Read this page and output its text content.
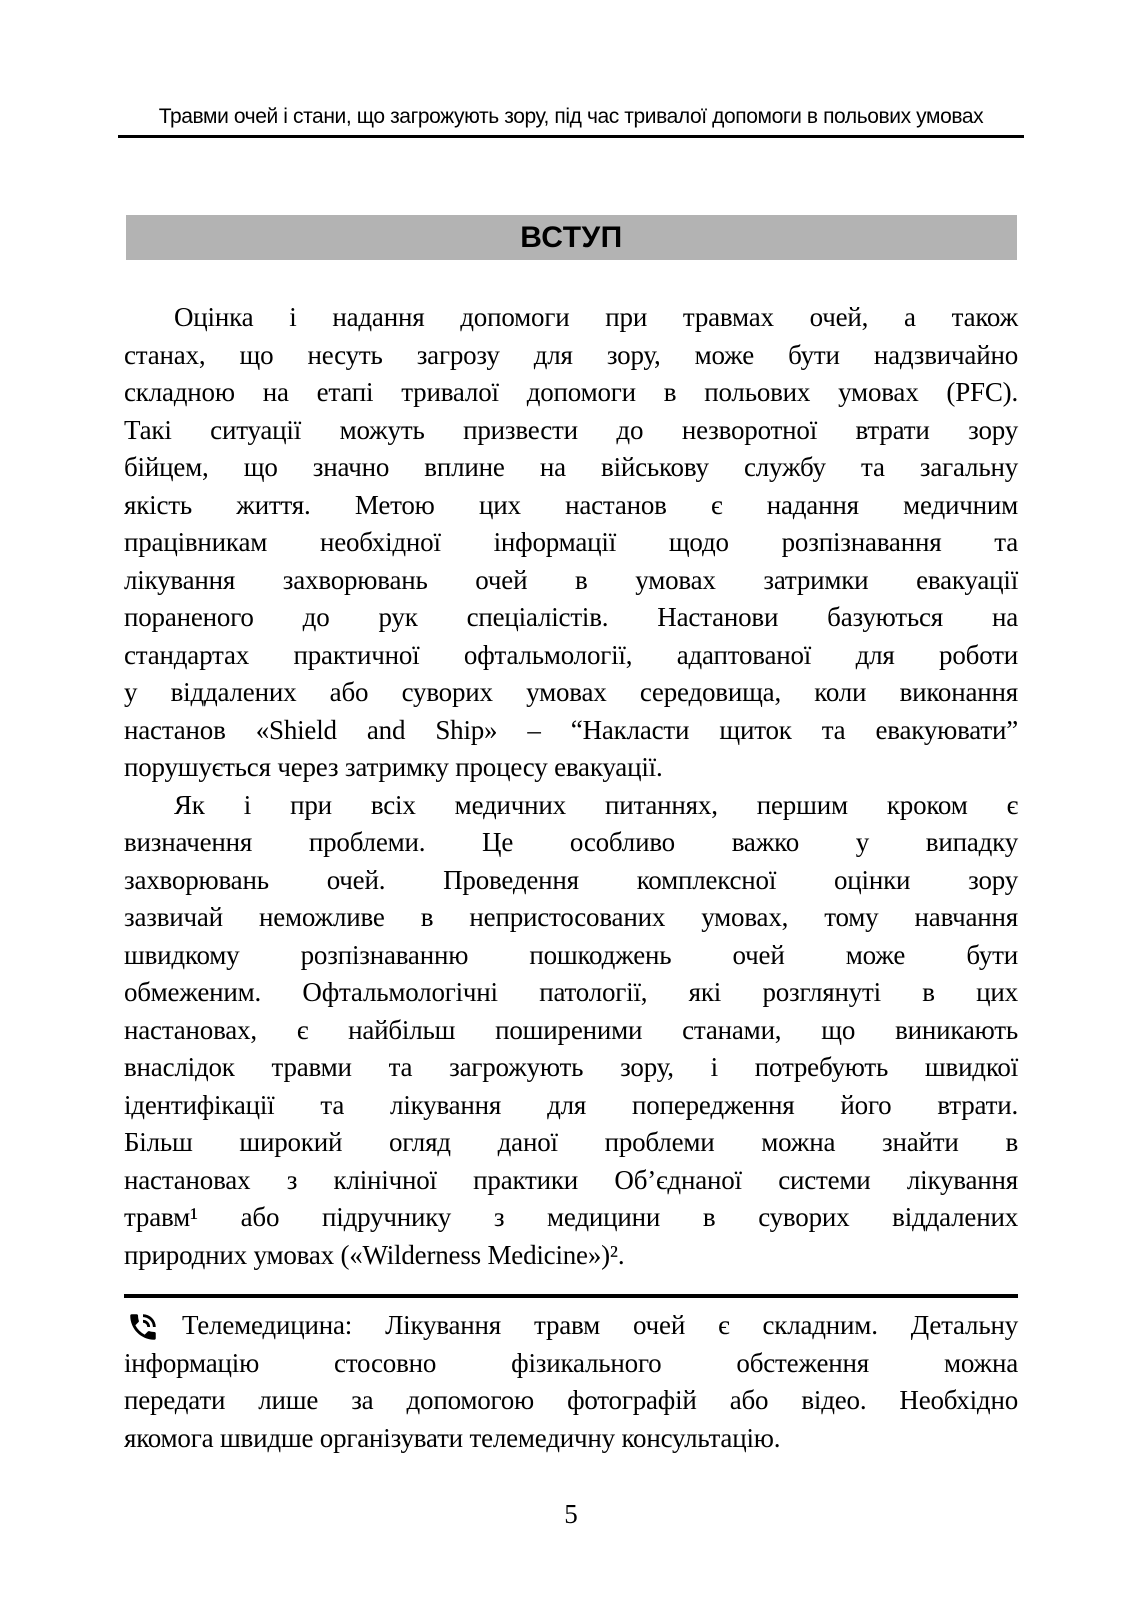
Травми очей і стани, що загрожують зору, під час тривалої допомоги в польових умовах
ВСТУП
Оцінка і надання допомоги при травмах очей, а також
станах, що несуть загрозу для зору, може бути надзвичайно
складною на етапі тривалої допомоги в польових умовах (PFC).
Такі ситуації можуть призвести до незворотної втрати зору
бійцем, що значно вплине на військову службу та загальну
якість життя. Метою цих настанов є надання медичним
працівникам необхідної інформації щодо розпізнавання та
лікування захворювань очей в умовах затримки евакуації
пораненого до рук спеціалістів. Настанови базуються на
стандартах практичної офтальмології, адаптованої для роботи
у віддалених або суворих умовах середовища, коли виконання
настанов «Shield and Ship» – “Накласти щиток та евакуювати”
порушується через затримку процесу евакуації.
Як і при всіх медичних питаннях, першим кроком є
визначення проблеми. Це особливо важко у випадку
захворювань очей. Проведення комплексної оцінки зору
зазвичай неможливе в непристосованих умовах, тому навчання
швидкому розпізнаванню пошкоджень очей може бути
обмеженим. Офтальмологічні патології, які розглянуті в цих
настановах, є найбільш поширеними станами, що виникають
внаслідок травми та загрожують зору, і потребують швидкої
ідентифікації та лікування для попередження його втрати.
Більш широкий огляд даної проблеми можна знайти в
настановах з клінічної практики Об’єднаної системи лікування
травм¹ або підручнику з медицини в суворих віддалених
природних умовах («Wilderness Medicine»)².
Телемедицина: Лікування травм очей є складним. Детальну
інформацію стосовно фізикального обстеження можна
передати лише за допомогою фотографій або відео. Необхідно
якомога швидше організувати телемедичну консультацію.
5
